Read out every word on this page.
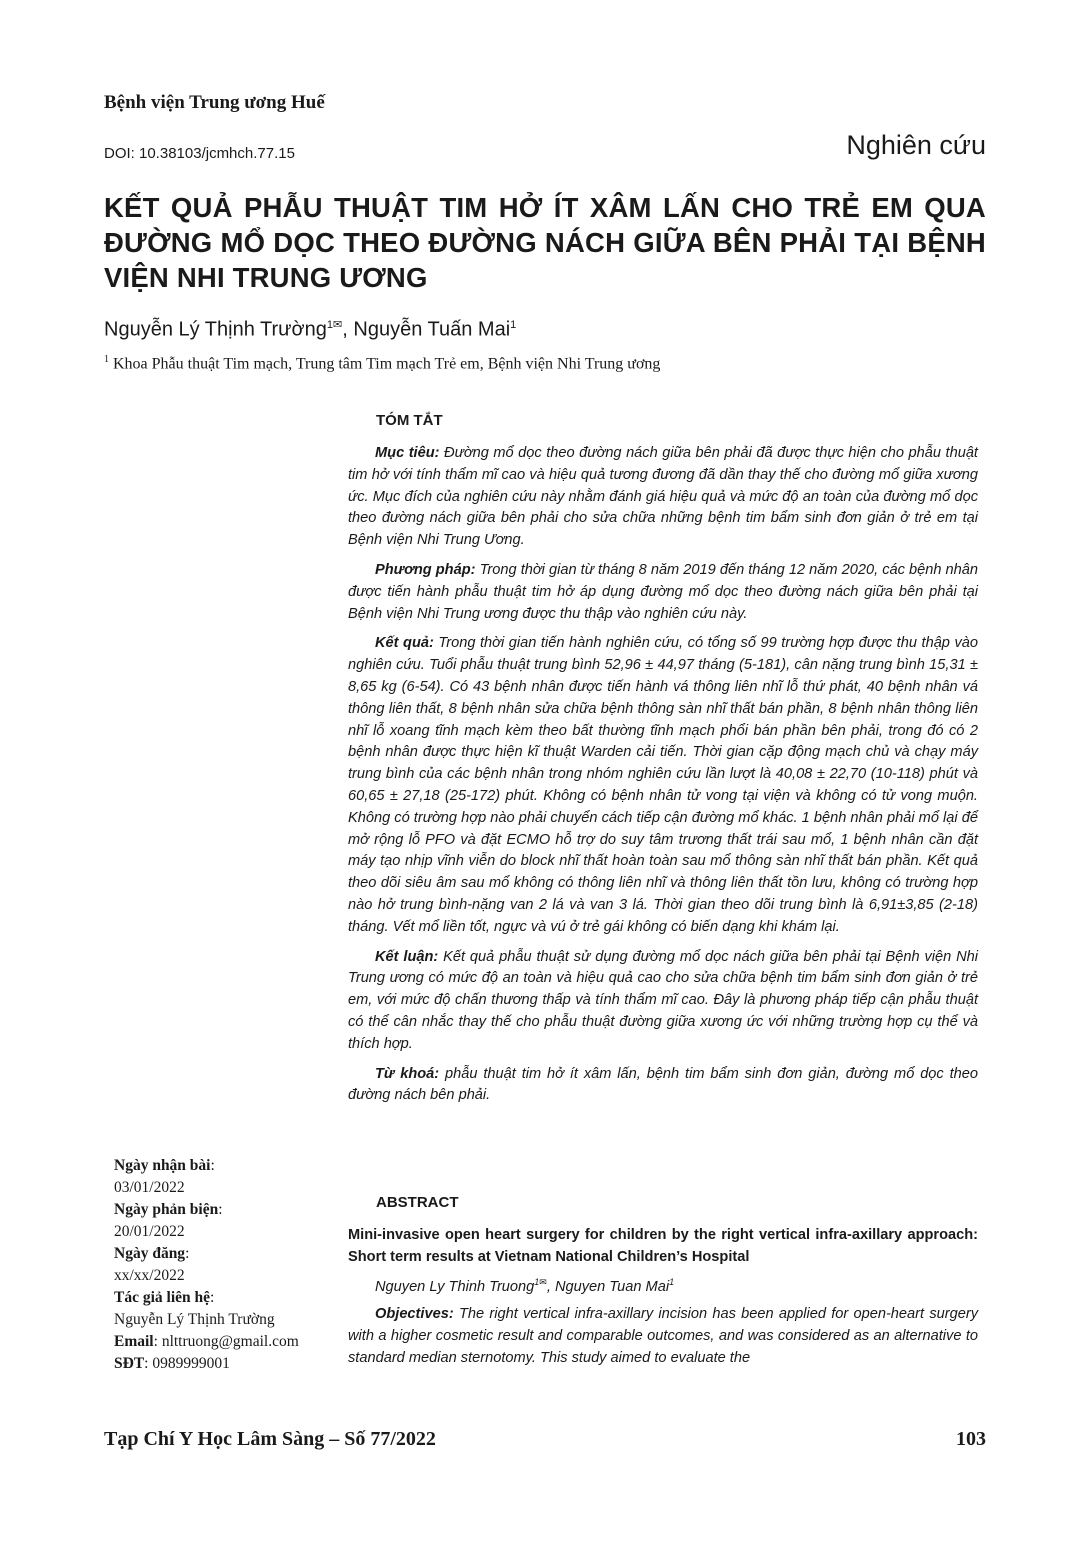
Bệnh viện Trung ương Huế
DOI: 10.38103/jcmhch.77.15	Nghiên cứu
KẾT QUẢ PHẪU THUẬT TIM HỞ ÍT XÂM LẤN CHO TRẺ EM QUA ĐƯỜNG MỔ DỌC THEO ĐƯỜNG NÁCH GIỮA BÊN PHẢI TẠI BỆNH VIỆN NHI TRUNG ƯƠNG
Nguyễn Lý Thịnh Trường$^{1✉}$, Nguyễn Tuấn Mai$^1$
$^1$ Khoa Phẫu thuật Tim mạch, Trung tâm Tim mạch Trẻ em, Bệnh viện Nhi Trung ương
TÓM TẮT

Mục tiêu: Đường mổ dọc theo đường nách giữa bên phải đã được thực hiện cho phẫu thuật tim hở với tính thẩm mĩ cao và hiệu quả tương đương đã dần thay thế cho đường mổ giữa xương ức. Mục đích của nghiên cứu này nhằm đánh giá hiệu quả và mức độ an toàn của đường mổ dọc theo đường nách giữa bên phải cho sửa chữa những bệnh tim bẩm sinh đơn giản ở trẻ em tại Bệnh viện Nhi Trung Ương.

Phương pháp: Trong thời gian từ tháng 8 năm 2019 đến tháng 12 năm 2020, các bệnh nhân được tiến hành phẫu thuật tim hở áp dụng đường mổ dọc theo đường nách giữa bên phải tại Bệnh viện Nhi Trung ương được thu thập vào nghiên cứu này.

Kết quả: Trong thời gian tiến hành nghiên cứu, có tổng số 99 trường hợp được thu thập vào nghiên cứu. Tuổi phẫu thuật trung bình 52,96 ± 44,97 tháng (5-181), cân nặng trung bình 15,31 ± 8,65 kg (6-54). Có 43 bệnh nhân được tiến hành vá thông liên nhĩ lỗ thứ phát, 40 bệnh nhân vá thông liên thất, 8 bệnh nhân sửa chữa bệnh thông sàn nhĩ thất bán phần, 8 bệnh nhân thông liên nhĩ lỗ xoang tĩnh mạch kèm theo bất thường tĩnh mạch phổi bán phần bên phải, trong đó có 2 bệnh nhân được thực hiện kĩ thuật Warden cải tiến. Thời gian cặp động mạch chủ và chạy máy trung bình của các bệnh nhân trong nhóm nghiên cứu lần lượt là 40,08 ± 22,70 (10-118) phút và 60,65 ± 27,18 (25-172) phút. Không có bệnh nhân tử vong tại viện và không có tử vong muộn. Không có trường hợp nào phải chuyển cách tiếp cận đường mổ khác. 1 bệnh nhân phải mổ lại để mở rộng lỗ PFO và đặt ECMO hỗ trợ do suy tâm trương thất trái sau mổ, 1 bệnh nhân cần đặt máy tạo nhịp vĩnh viễn do block nhĩ thất hoàn toàn sau mổ thông sàn nhĩ thất bán phần. Kết quả theo dõi siêu âm sau mổ không có thông liên nhĩ và thông liên thất tồn lưu, không có trường hợp nào hở trung bình-nặng van 2 lá và van 3 lá. Thời gian theo dõi trung bình là 6,91±3,85 (2-18) tháng. Vết mổ liền tốt, ngực và vú ở trẻ gái không có biến dạng khi khám lại.

Kết luận: Kết quả phẫu thuật sử dụng đường mổ dọc nách giữa bên phải tại Bệnh viện Nhi Trung ương có mức độ an toàn và hiệu quả cao cho sửa chữa bệnh tim bẩm sinh đơn giản ở trẻ em, với mức độ chấn thương thấp và tính thẩm mĩ cao. Đây là phương pháp tiếp cận phẫu thuật có thể cân nhắc thay thế cho phẫu thuật đường giữa xương ức với những trường hợp cụ thể và thích hợp.

Từ khoá: phẫu thuật tim hở ít xâm lấn, bệnh tim bẩm sinh đơn giản, đường mổ dọc theo đường nách bên phải.

ABSTRACT

Mini-invasive open heart surgery for children by the right vertical infra-axillary approach: Short term results at Vietnam National Children’s Hospital

Nguyen Ly Thinh Truong$^{1✉}$, Nguyen Tuan Mai$^1$

Objectives: The right vertical infra-axillary incision has been applied for open-heart surgery with a higher cosmetic result and comparable outcomes, and was considered as an alternative to standard median sternotomy. This study aimed to evaluate the

Ngày nhận bài:
03/01/2022
Ngày phản biện:
20/01/2022
Ngày đăng:
xx/xx/2022
Tác giả liên hệ:
Nguyễn Lý Thịnh Trường
Email: nlttruong@gmail.com
SĐT: 0989999001
Tạp Chí Y Học Lâm Sàng – Số 77/2022	103
